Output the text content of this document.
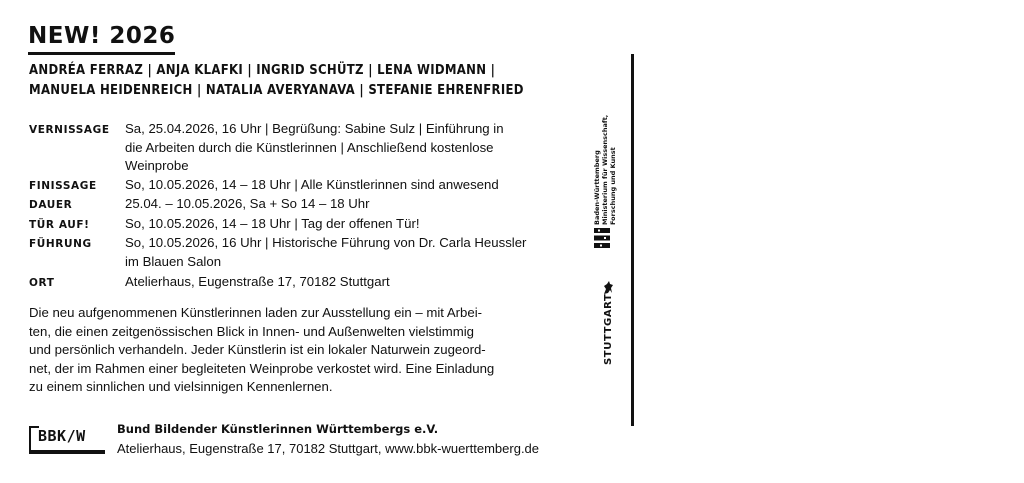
NEW! 2026
ANDRÉA FERRAZ | ANJA KLAFKI | INGRID SCHÜTZ | LENA WIDMANN |
MANUELA HEIDENREICH | NATALIA AVERYANAVA | STEFANIE EHRENFRIED
VERNISSAGE	Sa, 25.04.2026, 16 Uhr | Begrüßung: Sabine Sulz | Einführung in
die Arbeiten durch die Künstlerinnen | Anschließend kostenlose
Weinprobe
FINISSAGE	So, 10.05.2026, 14 – 18 Uhr | Alle Künstlerinnen sind anwesend
DAUER	25.04. – 10.05.2026, Sa + So 14 – 18 Uhr
TÜR AUF!	So, 10.05.2026, 14 – 18 Uhr | Tag der offenen Tür!
FÜHRUNG	So, 10.05.2026, 16 Uhr | Historische Führung von Dr. Carla Heussler
im Blauen Salon
ORT	Atelierhaus, Eugenstraße 17, 70182 Stuttgart
Die neu aufgenommenen Künstlerinnen laden zur Ausstellung ein – mit Arbei-
ten, die einen zeitgenössischen Blick in Innen- und Außenwelten vielstimmig
und persönlich verhandeln. Jeder Künstlerin ist ein lokaler Naturwein zugeord-
net, der im Rahmen einer begleiteten Weinprobe verkostet wird. Eine Einladung
zu einem sinnlichen und vielsinnigen Kennenlernen.
BBK/W	Bund Bildender Künstlerinnen Württembergs e.V.
Atelierhaus, Eugenstraße 17, 70182 Stuttgart, www.bbk-wuerttemberg.de
Baden-Württemberg Ministerium für Wissenschaft, Forschung und Kunst
STUTTGART
